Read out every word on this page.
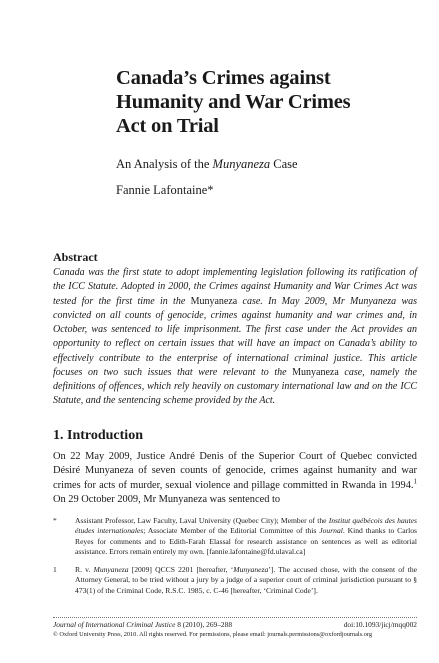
Canada’s Crimes against
Humanity and War Crimes
Act on Trial
An Analysis of the Munyaneza Case
Fannie Lafontaine*
Abstract
Canada was the first state to adopt implementing legislation following its ratification of the ICC Statute. Adopted in 2000, the Crimes against Humanity and War Crimes Act was tested for the first time in the Munyaneza case. In May 2009, Mr Munyaneza was convicted on all counts of genocide, crimes against humanity and war crimes and, in October, was sentenced to life imprisonment. The first case under the Act provides an opportunity to reflect on certain issues that will have an impact on Canada’s ability to effectively contribute to the enterprise of international criminal justice. This article focuses on two such issues that were relevant to the Munyaneza case, namely the definitions of offences, which rely heavily on customary international law and on the ICC Statute, and the sentencing scheme provided by the Act.
1. Introduction
On 22 May 2009, Justice André Denis of the Superior Court of Quebec convicted Désiré Munyaneza of seven counts of genocide, crimes against humanity and war crimes for acts of murder, sexual violence and pillage committed in Rwanda in 1994.$^1$ On 29 October 2009, Mr Munyaneza was sentenced to
*	Assistant Professor, Law Faculty, Laval University (Quebec City); Member of the Institut québécois des hautes études internationales; Associate Member of the Editorial Committee of this Journal. Kind thanks to Carlos Reyes for comments and to Edith-Farah Elassal for research assistance on sentences as well as editorial assistance. Errors remain entirely my own. [fannie.lafontaine@fd.ulaval.ca]
1	R. v. Munyaneza [2009] QCCS 2201 [hereafter, ‘Munyaneza’]. The accused chose, with the consent of the Attorney General, to be tried without a jury by a judge of a superior court of criminal jurisdiction pursuant to § 473(1) of the Criminal Code, R.S.C. 1985, c. C-46 [hereafter, ‘Criminal Code’].
Journal of International Criminal Justice 8 (2010), 269–288	doi:10.1093/jicj/mqq002
© Oxford University Press, 2010. All rights reserved. For permissions, please email: journals.permissions@oxfordjournals.org
